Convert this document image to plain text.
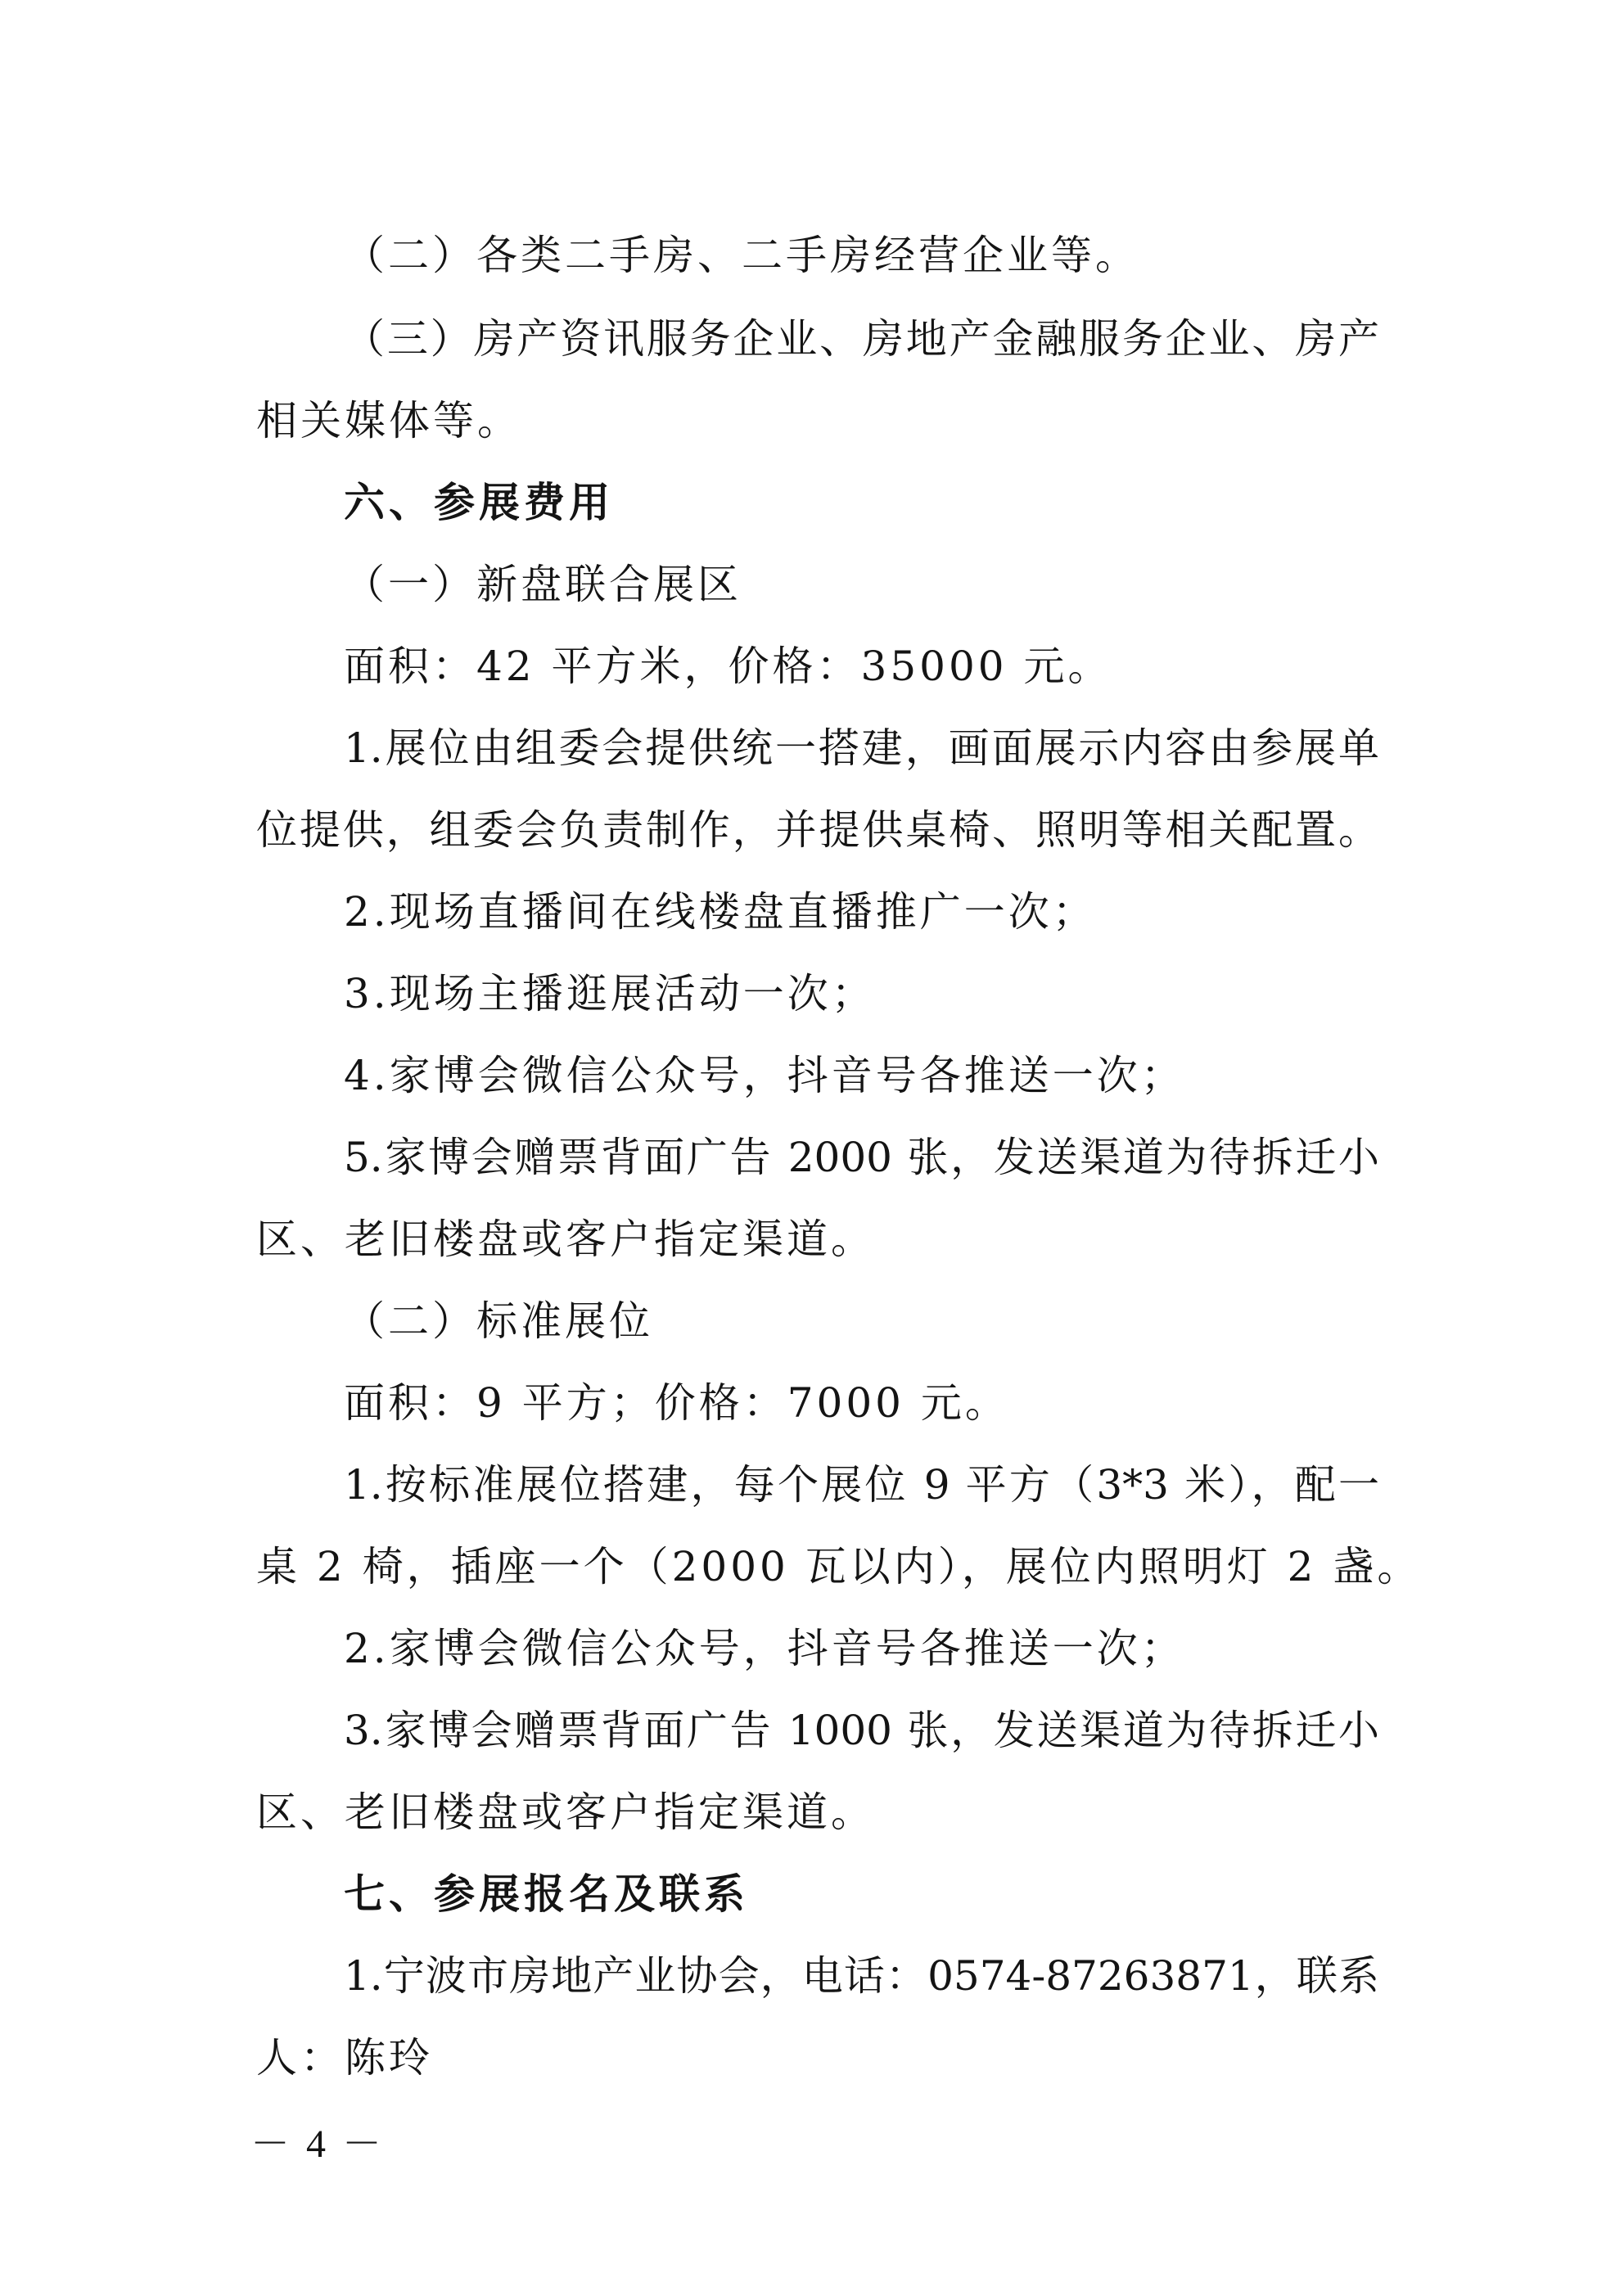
（二）各类二手房、二手房经营企业等。
（三）房产资讯服务企业、房地产金融服务企业、房产
相关媒体等。
六、参展费用
（一）新盘联合展区
面积：42 平方米，价格：35000 元。
1.展位由组委会提供统一搭建，画面展示内容由参展单
位提供，组委会负责制作，并提供桌椅、照明等相关配置。
2.现场直播间在线楼盘直播推广一次；
3.现场主播逛展活动一次；
4.家博会微信公众号，抖音号各推送一次；
5.家博会赠票背面广告 2000 张，发送渠道为待拆迁小
区、老旧楼盘或客户指定渠道。
（二）标准展位
面积：9 平方；价格：7000 元。
1.按标准展位搭建，每个展位 9 平方（3*3 米），配一
桌 2 椅，插座一个（2000 瓦以内），展位内照明灯 2 盏。
2.家博会微信公众号，抖音号各推送一次；
3.家博会赠票背面广告 1000 张，发送渠道为待拆迁小
区、老旧楼盘或客户指定渠道。
七、参展报名及联系
1.宁波市房地产业协会，电话：0574-87263871，联系
人：陈玲
－ 4 －
